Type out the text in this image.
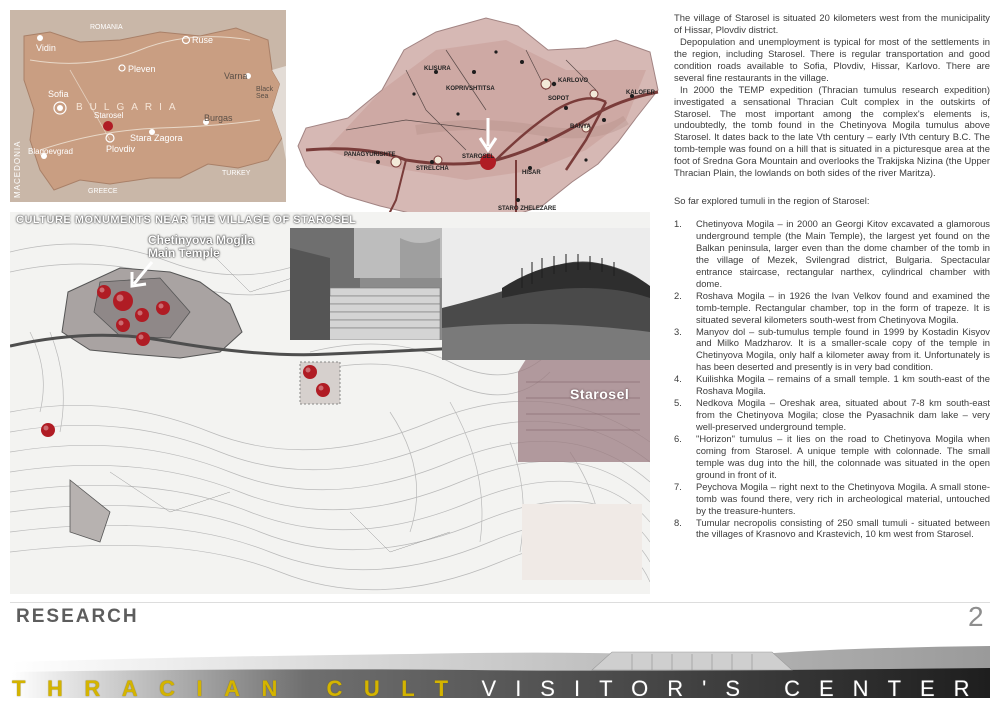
Vidin
ROMANIA
Ruse
Pleven
Varna
Sofia
BULGARIA
Starosel
Stara Zagora
Burgas
Plovdiv
Blagoevgrad
Black
Sea
GREECE
TURKEY
MACEDONIA
KLISURA
KOPRIVSHTITSA
KARLOVO
SOPOT
BANYA
KALOFER
PANAGYURISHTE
STRELCHA
STAROSEL
HISAR
STARO ZHELEZARE
CULTURE MONUMENTS NEAR THE VILLAGE OF STAROSEL
Chetinyova Mogila
Main Temple
Starosel

The village of Starosel is situated 20 kilometers west from the municipality of Hissar, Plovdiv district.

Depopulation and unemployment is typical for most of the settlements in the region, including Starosel. There is regular transportation and good condition roads available to Sofia, Plovdiv, Hissar, Karlovo. There are several fine restaurants in the village.

In 2000 the TEMP expedition (Thracian tumulus research expedition) investigated a sensational Thracian Cult complex in the outskirts of Starosel. The most important among the complex's elements is, undoubtedly, the tomb found in the Chetinyova Mogila tumulus above Starosel. It dates back to the late Vth century – early IVth century B.C. The tomb-temple was found on a hill that is situated in a picturesque area at the foot of Sredna Gora Mountain and overlooks the Trakijska Nizina (the Upper Thracian Plain, the lowlands on both sides of the river Maritza).

So far explored tumuli in the region of Starosel:

1.	Chetinyova Mogila – in 2000 an Georgi Kitov excavated a glamorous underground temple (the Main Temple), the largest yet found on the Balkan peninsula, larger even than the dome chamber of the tomb in the village of Mezek, Svilengrad district, Bulgaria. Spectacular entrance staircase, rectangular narthex, cylindrical chamber with dome.
2.	Roshava Mogila – in 1926 the Ivan Velkov found and examined the tomb-temple. Rectangular chamber, top in the form of trapeze. It is situated several kilometers south-west from Chetinyova Mogila.
3.	Manyov dol – sub-tumulus temple found in 1999 by Kostadin Kisyov and Milko Madzharov. It is a smaller-scale copy of the temple in Chetinyova Mogila, only half a kilometer away from it. Unfortunately is has been deserted and presently is in very bad condition.
4.	Kuilishka Mogila – remains of a small temple. 1 km south-east of the Roshava Mogila.
5.	Nedkova Mogila – Oreshak area, situated about 7-8 km south-east from the Chetinyova Mogila; close the Pyasachnik dam lake – very well-preserved underground temple.
6.	"Horizon" tumulus – it lies on the road to Chetinyova Mogila when coming from Starosel. A unique temple with colonnade. The small temple was dug into the hill, the colonnade was situated in the open ground in front of it.
7.	Peychova Mogila – right next to the Chetinyova Mogila. A small stone-tomb was found there, very rich in archeological material, untouched by the treasure-hunters.
8.	Tumular necropolis consisting of 250 small tumuli - situated between the villages of Krasnovo and Krastevich, 10 km west from Starosel.
RESEARCH	2
THRACIAN CULT VISITOR'S CENTER
